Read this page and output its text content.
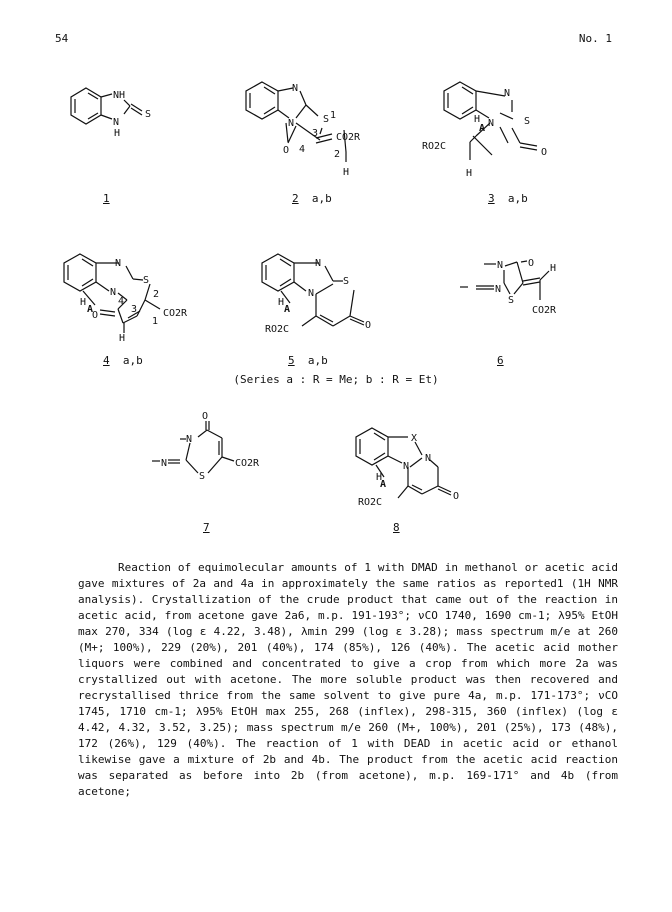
54	No. 1
NH
N
H
S
N
S
N
O 4
3
1
CO2R
2
H
N
S
N
O
H
A
RO2C
H
N
S
N
H
A
4
O
3
2
1
CO2R
H
N
S
N
H
A
RO2C	O
N O
N
S
H
CO2R
O
N
N
S
CO2R
X
N
N
H
A
RO2C
O
1	2 a,b	3 a,b
4 a,b	5 a,b	6
7	8
(Series a : R = Me; b : R = Et)

Reaction of equimolecular amounts of 1 with DMAD in methanol or acetic acid gave mixtures of 2a and 4a in approximately the same ratios as reported1 (1H NMR analysis). Crystallization of the crude product that came out of the reaction in acetic acid, from acetone gave 2a6, m.p. 191-193°; νCO 1740, 1690 cm-1; λ95% EtOH max 270, 334 (log ε 4.22, 3.48), λmin 299 (log ε 3.28); mass spectrum m/e at 260 (M+; 100%), 229 (20%), 201 (40%), 174 (85%), 126 (40%). The acetic acid mother liquors were combined and concentrated to give a crop from which more 2a was crystallized out with acetone. The more soluble product was then recovered and recrystallised thrice from the same solvent to give pure 4a, m.p. 171-173°; νCO 1745, 1710 cm-1; λ95% EtOH max 255, 268 (inflex), 298-315, 360 (inflex) (log ε 4.42, 4.32, 3.52, 3.25); mass spectrum m/e 260 (M+, 100%), 201 (25%), 173 (48%), 172 (26%), 129 (40%). The reaction of 1 with DEAD in acetic acid or ethanol likewise gave a mixture of 2b and 4b. The product from the acetic acid reaction was separated as before into 2b (from acetone), m.p. 169-171° and 4b (from acetone;
